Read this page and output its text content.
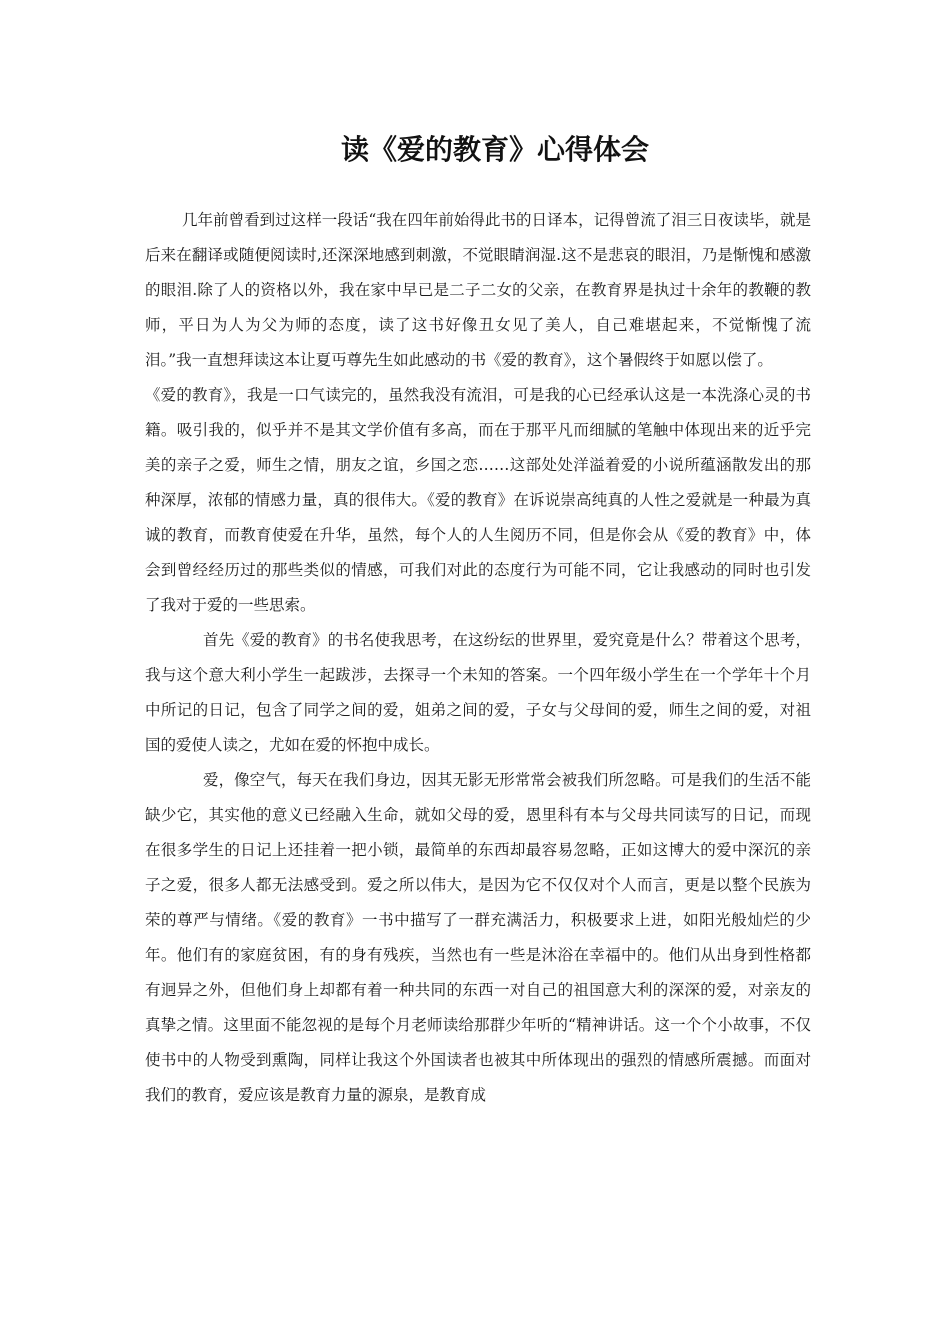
读《爱的教育》心得体会

几年前曾看到过这样一段话“我在四年前始得此书的日译本，记得曾流了泪三日夜读毕，就是后来在翻译或随便阅读时,还深深地感到刺激，不觉眼睛润湿.这不是悲哀的眼泪，乃是惭愧和感激的眼泪.除了人的资格以外，我在家中早已是二子二女的父亲，在教育界是执过十余年的教鞭的教师，平日为人为父为师的态度，读了这书好像丑女见了美人，自己难堪起来，不觉惭愧了流泪。”我一直想拜读这本让夏丏尊先生如此感动的书《爱的教育》，这个暑假终于如愿以偿了。

《爱的教育》，我是一口气读完的，虽然我没有流泪，可是我的心已经承认这是一本洗涤心灵的书籍。吸引我的，似乎并不是其文学价值有多高，而在于那平凡而细腻的笔触中体现出来的近乎完美的亲子之爱，师生之情，朋友之谊，乡国之恋……这部处处洋溢着爱的小说所蕴涵散发出的那种深厚，浓郁的情感力量，真的很伟大。《爱的教育》在诉说崇高纯真的人性之爱就是一种最为真诚的教育，而教育使爱在升华，虽然，每个人的人生阅历不同，但是你会从《爱的教育》中，体会到曾经经历过的那些类似的情感，可我们对此的态度行为可能不同，它让我感动的同时也引发了我对于爱的一些思索。

首先《爱的教育》的书名使我思考，在这纷纭的世界里，爱究竟是什么？带着这个思考，我与这个意大利小学生一起跋涉，去探寻一个未知的答案。一个四年级小学生在一个学年十个月中所记的日记，包含了同学之间的爱，姐弟之间的爱，子女与父母间的爱，师生之间的爱，对祖国的爱使人读之，尤如在爱的怀抱中成长。

爱，像空气，每天在我们身边，因其无影无形常常会被我们所忽略。可是我们的生活不能缺少它，其实他的意义已经融入生命，就如父母的爱，恩里科有本与父母共同读写的日记，而现在很多学生的日记上还挂着一把小锁，最简单的东西却最容易忽略，正如这博大的爱中深沉的亲子之爱，很多人都无法感受到。爱之所以伟大，是因为它不仅仅对个人而言，更是以整个民族为荣的尊严与情绪。《爱的教育》一书中描写了一群充满活力，积极要求上进，如阳光般灿烂的少年。他们有的家庭贫困，有的身有残疾，当然也有一些是沐浴在幸福中的。他们从出身到性格都有迥异之外，但他们身上却都有着一种共同的东西一对自己的祖国意大利的深深的爱，对亲友的真挚之情。这里面不能忽视的是每个月老师读给那群少年听的“精神讲话。这一个个小故事，不仅使书中的人物受到熏陶，同样让我这个外国读者也被其中所体现出的强烈的情感所震撼。而面对我们的教育，爱应该是教育力量的源泉，是教育成
